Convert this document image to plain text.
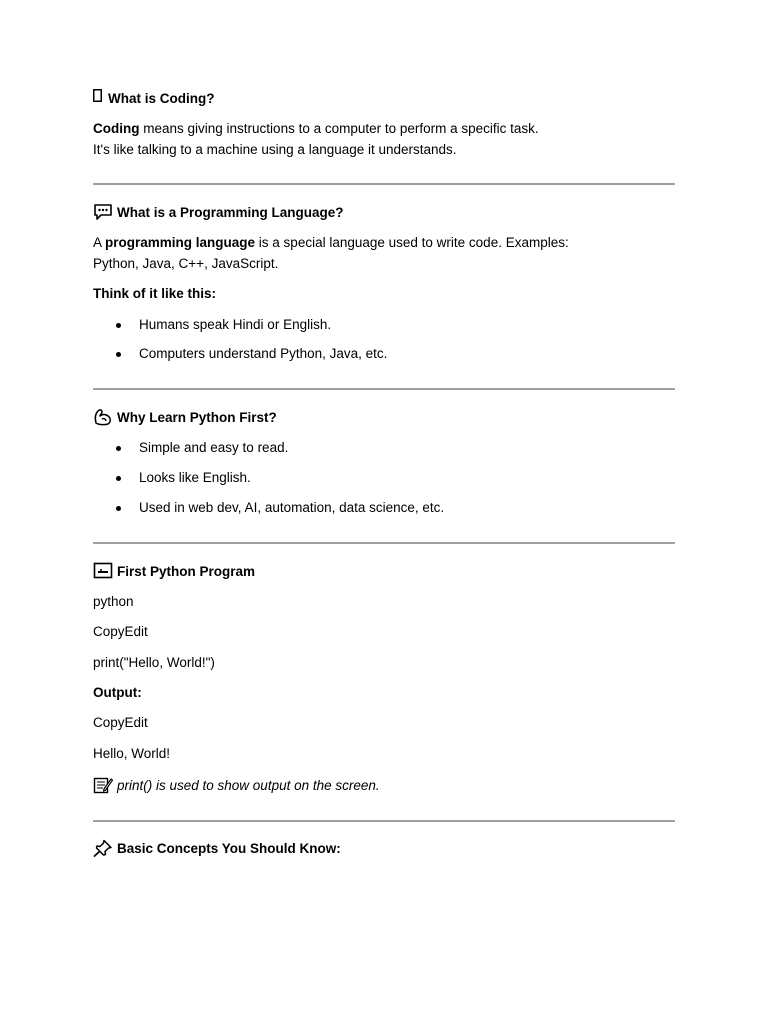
What is Coding?
Coding means giving instructions to a computer to perform a specific task.
It's like talking to a machine using a language it understands.
What is a Programming Language?
A programming language is a special language used to write code. Examples:
Python, Java, C++, JavaScript.
Think of it like this:
Humans speak Hindi or English.
Computers understand Python, Java, etc.
Why Learn Python First?
Simple and easy to read.
Looks like English.
Used in web dev, AI, automation, data science, etc.
First Python Program
python
CopyEdit
print("Hello, World!")
Output:
CopyEdit
Hello, World!
print() is used to show output on the screen.
Basic Concepts You Should Know:
